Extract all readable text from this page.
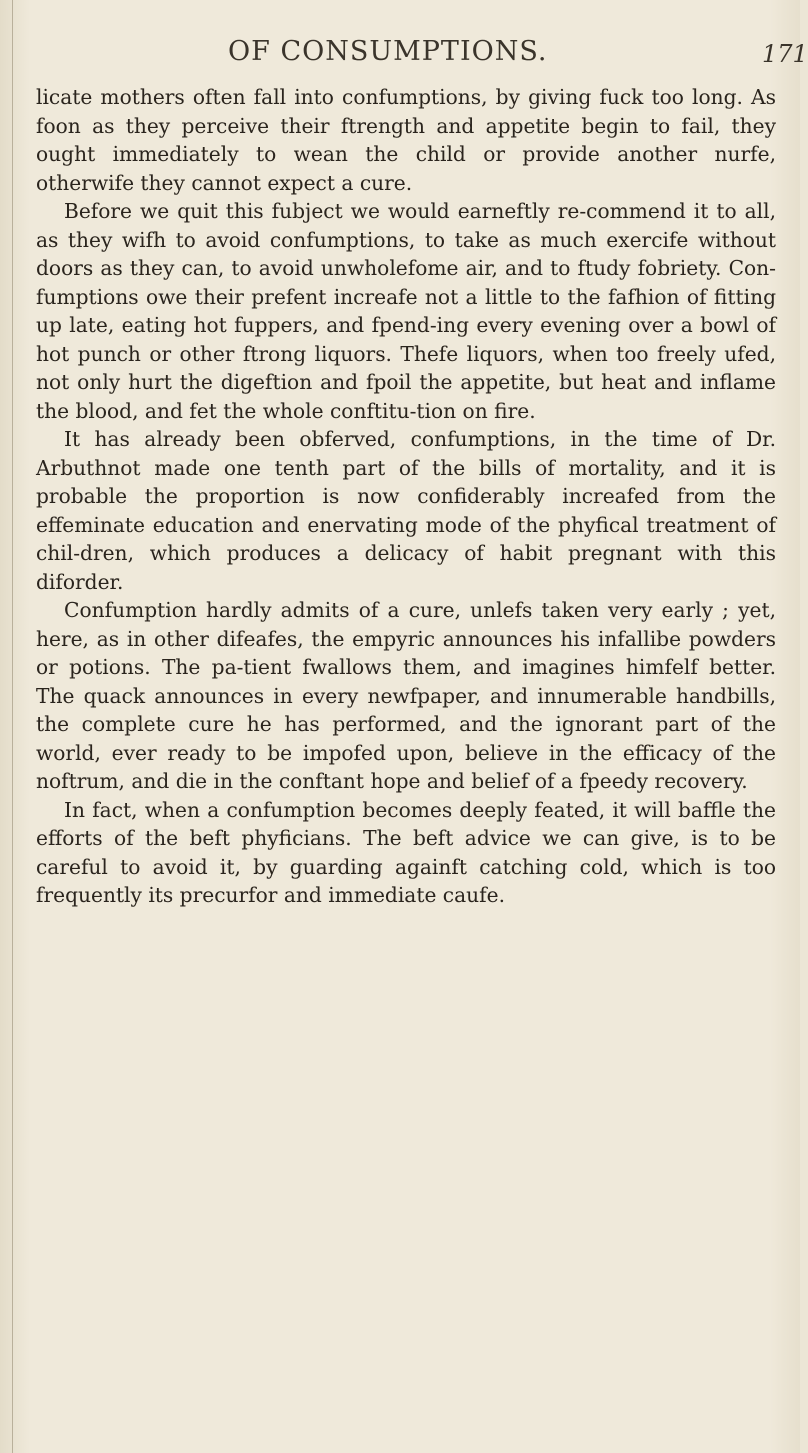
OF CONSUMPTIONS.	171

licate mothers often fall into confumptions, by giving fuck too long. As foon as they perceive their ftrength and appetite begin to fail, they ought immediately to wean the child or provide another nurfe, otherwife they cannot expect a cure.

Before we quit this fubject we would earneftly re-commend it to all, as they wifh to avoid confumptions, to take as much exercife without doors as they can, to avoid unwholefome air, and to ftudy fobriety. Con-fumptions owe their prefent increafe not a little to the fafhion of fitting up late, eating hot fuppers, and fpend-ing every evening over a bowl of hot punch or other ftrong liquors. Thefe liquors, when too freely ufed, not only hurt the digeftion and fpoil the appetite, but heat and inflame the blood, and fet the whole conftitu-tion on fire.

It has already been obferved, confumptions, in the time of Dr. Arbuthnot made one tenth part of the bills of mortality, and it is probable the proportion is now confiderably increafed from the effeminate education and enervating mode of the phyfical treatment of chil-dren, which produces a delicacy of habit pregnant with this diforder.

Confumption hardly admits of a cure, unlefs taken very early ; yet, here, as in other difeafes, the empyric announces his infallibe powders or potions. The pa-tient fwallows them, and imagines himfelf better. The quack announces in every newfpaper, and innumerable handbills, the complete cure he has performed, and the ignorant part of the world, ever ready to be impofed upon, believe in the efficacy of the noftrum, and die in the conftant hope and belief of a fpeedy recovery.

In fact, when a confumption becomes deeply feated, it will baffle the efforts of the beft phyficians. The beft advice we can give, is to be careful to avoid it, by guarding againft catching cold, which is too frequently its precurfor and immediate caufe.
